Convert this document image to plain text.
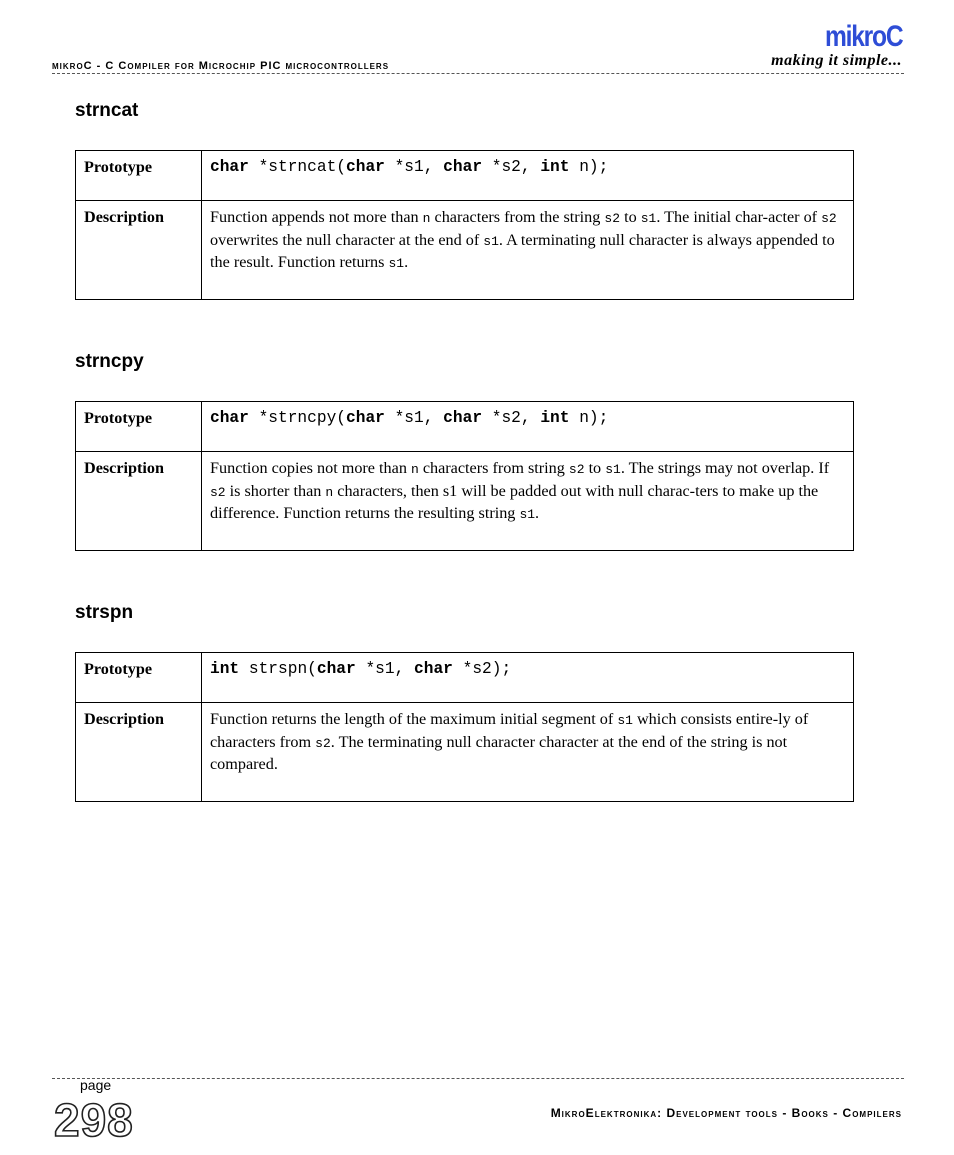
mikroC
mikroC - C Compiler for Microchip PIC microcontrollers	making it simple...
strncat
Prototype	char *strncat(char *s1, char *s2, int n);
Description	Function appends not more than n characters from the string s2 to s1. The initial char-acter of s2 overwrites the null character at the end of s1. A terminating null character is always appended to the result. Function returns s1.
strncpy
Prototype	char *strncpy(char *s1, char *s2, int n);
Description	Function copies not more than n characters from string s2 to s1. The strings may not overlap. If s2 is shorter than n characters, then s1 will be padded out with null charac-ters to make up the difference. Function returns the resulting string s1.
strspn
Prototype	int strspn(char *s1, char *s2);
Description	Function returns the length of the maximum initial segment of s1 which consists entire-ly of characters from s2. The terminating null character character at the end of the string is not compared.
page
298	MikroElektronika: Development tools - Books - Compilers
